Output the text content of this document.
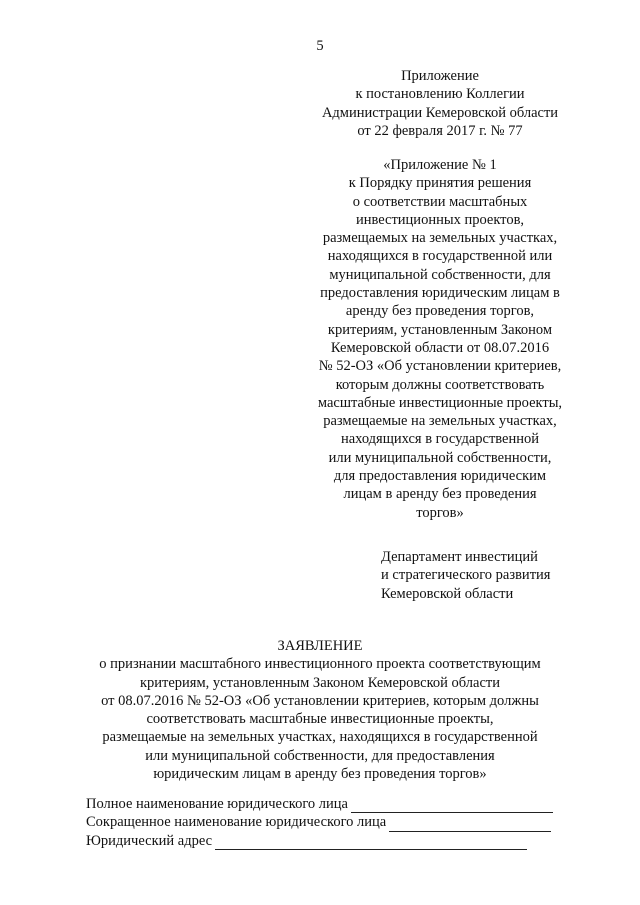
5
Приложение
к постановлению Коллегии
Администрации Кемеровской области
от 22 февраля 2017 г. № 77
«Приложение № 1
к Порядку принятия решения
о соответствии масштабных
инвестиционных проектов,
размещаемых на земельных участках,
находящихся в государственной или
муниципальной собственности, для
предоставления юридическим лицам в
аренду без проведения торгов,
критериям, установленным Законом
Кемеровской области от 08.07.2016
№ 52-ОЗ «Об установлении критериев,
которым должны соответствовать
масштабные инвестиционные проекты,
размещаемые на земельных участках,
находящихся в государственной
или муниципальной собственности,
для предоставления юридическим
лицам в аренду без проведения
торгов»
Департамент инвестиций
и стратегического развития
Кемеровской области
ЗАЯВЛЕНИЕ
о признании масштабного инвестиционного проекта соответствующим
критериям, установленным Законом Кемеровской области
от 08.07.2016 № 52-ОЗ «Об установлении критериев, которым должны
соответствовать масштабные инвестиционные проекты,
размещаемые на земельных участках, находящихся в государственной
или муниципальной собственности, для предоставления
юридическим лицам в аренду без проведения торгов»
Полное наименование юридического лица
Сокращенное наименование юридического лица
Юридический адрес
